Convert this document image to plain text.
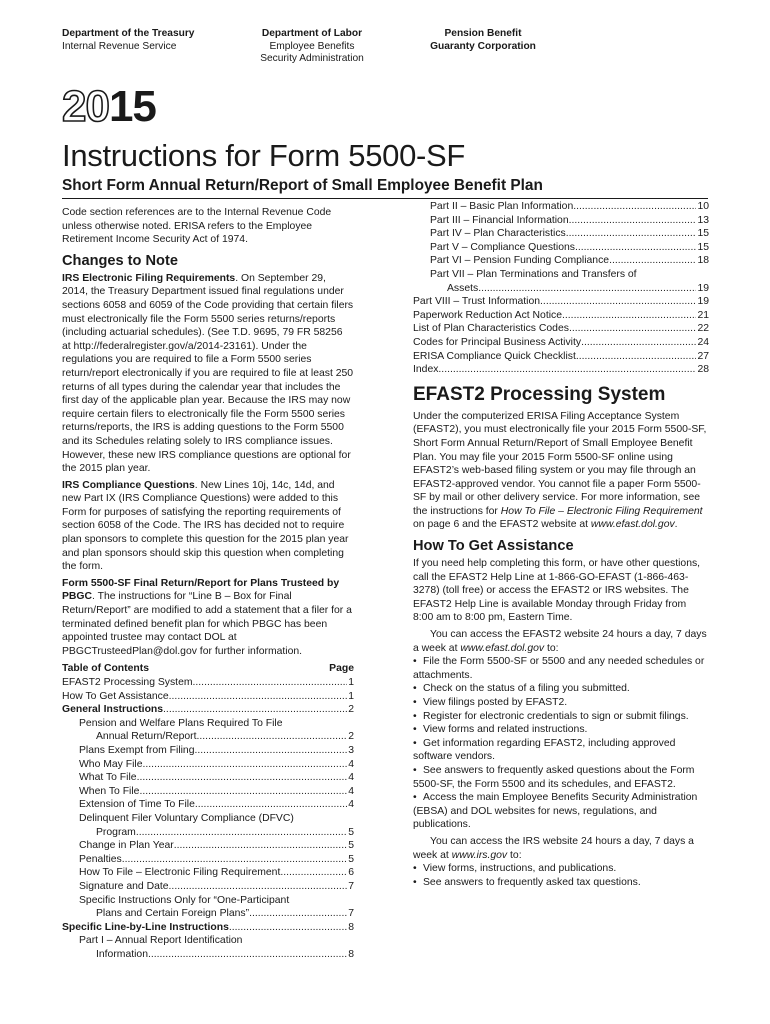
Department of the Treasury
Internal Revenue Service
Department of Labor
Employee Benefits
Security Administration
Pension Benefit
Guaranty Corporation
2015
Instructions for Form 5500-SF
Short Form Annual Return/Report of Small Employee Benefit Plan

Code section references are to the Internal Revenue Code unless otherwise noted. ERISA refers to the Employee Retirement Income Security Act of 1974.

Changes to Note

IRS Electronic Filing Requirements. On September 29, 2014, the Treasury Department issued final regulations under sections 6058 and 6059 of the Code providing that certain filers must electronically file the Form 5500 series returns/reports (including actuarial schedules). (See T.D. 9695, 79 FR 58256 at http://federalregister.gov/a/2014-23161). Under the regulations you are required to file a Form 5500 series return/report electronically if you are required to file at least 250 returns of all types during the calendar year that includes the first day of the applicable plan year. Because the IRS may now require certain filers to electronically file the Form 5500 series returns/reports, the IRS is adding questions to the Form 5500 and its Schedules relating solely to IRS compliance issues. However, these new IRS compliance questions are optional for the 2015 plan year.

IRS Compliance Questions. New Lines 10j, 14c, 14d, and new Part IX (IRS Compliance Questions) were added to this Form for purposes of satisfying the reporting requirements of section 6058 of the Code. The IRS has decided not to require plan sponsors to complete this question for the 2015 plan year and plan sponsors should skip this question when completing the form.

Form 5500-SF Final Return/Report for Plans Trusteed by PBGC. The instructions for “Line B – Box for Final Return/Report” are modified to add a statement that a filer for a terminated defined benefit plan for which PBGC has been appointed trustee may contact DOL at PBGCTrusteedPlan@dol.gov for further information.

Table of Contents	Page
EFAST2 Processing System .....	1
How To Get Assistance .....	1
General Instructions .....	2
Pension and Welfare Plans Required To File
Annual Return/Report .....	2
Plans Exempt from Filing .....	3
Who May File .....	4
What To File .....	4
When To File .....	4
Extension of Time To File .....	4
Delinquent Filer Voluntary Compliance (DFVC)
Program .....	5
Change in Plan Year .....	5
Penalties .....	5
How To File – Electronic Filing Requirement .....	6
Signature and Date .....	7
Specific Instructions Only for “One-Participant
Plans and Certain Foreign Plans” .....	7
Specific Line-by-Line Instructions .....	8
Part I – Annual Report Identification
Information .....	8
Part II – Basic Plan Information .....	10
Part III – Financial Information .....	13
Part IV – Plan Characteristics .....	15
Part V – Compliance Questions .....	15
Part VI – Pension Funding Compliance .....	18
Part VII – Plan Terminations and Transfers of
Assets .....	19
Part VIII – Trust Information .....	19
Paperwork Reduction Act Notice .....	21
List of Plan Characteristics Codes .....	22
Codes for Principal Business Activity .....	24
ERISA Compliance Quick Checklist .....	27
Index .....	28

EFAST2 Processing System

Under the computerized ERISA Filing Acceptance System (EFAST2), you must electronically file your 2015 Form 5500-SF, Short Form Annual Return/Report of Small Employee Benefit Plan. You may file your 2015 Form 5500-SF online using EFAST2’s web-based filing system or you may file through an EFAST2-approved vendor. You cannot file a paper Form 5500-SF by mail or other delivery service. For more information, see the instructions for How To File – Electronic Filing Requirement on page 6 and the EFAST2 website at www.efast.dol.gov.

How To Get Assistance

If you need help completing this form, or have other questions, call the EFAST2 Help Line at 1-866-GO-EFAST (1-866-463-3278) (toll free) or access the EFAST2 or IRS websites. The EFAST2 Help Line is available Monday through Friday from 8:00 am to 8:00 pm, Eastern Time.

You can access the EFAST2 website 24 hours a day, 7 days a week at www.efast.dol.gov to:

• File the Form 5500-SF or 5500 and any needed schedules or attachments.

• Check on the status of a filing you submitted.

• View filings posted by EFAST2.

• Register for electronic credentials to sign or submit filings.

• View forms and related instructions.

• Get information regarding EFAST2, including approved software vendors.

• See answers to frequently asked questions about the Form 5500-SF, the Form 5500 and its schedules, and EFAST2.

• Access the main Employee Benefits Security Administration (EBSA) and DOL websites for news, regulations, and publications.

You can access the IRS website 24 hours a day, 7 days a week at www.irs.gov to:

• View forms, instructions, and publications.

• See answers to frequently asked tax questions.
